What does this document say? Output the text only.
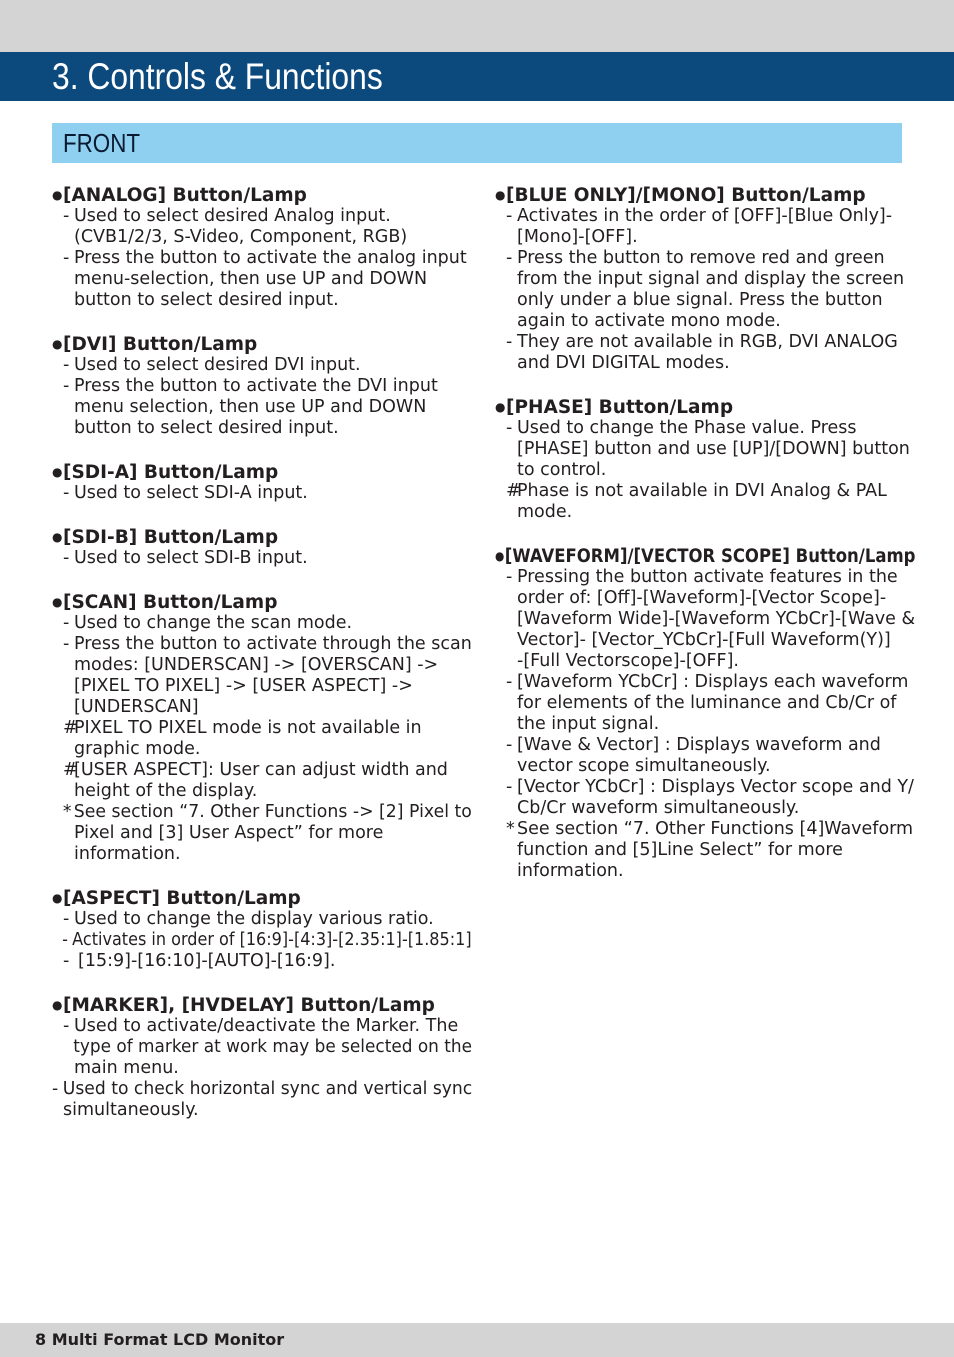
3. Controls & Functions
FRONT
● [ANALOG] Button/Lamp
- Used to select desired Analog input.
(CVB1/2/3, S-Video, Component, RGB)
- Press the button to activate the analog input
menu-selection, then use UP and DOWN
button to select desired input.
● [DVI] Button/Lamp
- Used to select desired DVI input.
- Press the button to activate the DVI input
menu selection, then use UP and DOWN
button to select desired input.
● [SDI-A] Button/Lamp
- Used to select SDI-A input.
● [SDI-B] Button/Lamp
- Used to select SDI-B input.
● [SCAN] Button/Lamp
- Used to change the scan mode.
- Press the button to activate through the scan
modes: [UNDERSCAN] -> [OVERSCAN] ->
[PIXEL TO PIXEL] -> [USER ASPECT] ->
[UNDERSCAN]
#
PIXEL TO PIXEL mode is not available in
graphic mode.
#
[USER ASPECT]: User can adjust width and
height of the display.
* See section “7. Other Functions -> [2] Pixel to
Pixel and [3] User Aspect” for more
information.
● [ASPECT] Button/Lamp
- Used to change the display various ratio.
- Activates in order of [16:9]-[4:3]-[2.35:1]-[1.85:1]
- [15:9]-[16:10]-[AUTO]-[16:9].
● [MARKER], [HVDELAY] Button/Lamp
- Used to activate/deactivate the Marker. The
type of marker at work may be selected on the
main menu.
- Used to check horizontal sync and vertical sync
simultaneously.
● [BLUE ONLY]/[MONO] Button/Lamp
- Activates in the order of [OFF]-[Blue Only]-
[Mono]-[OFF].
- Press the button to remove red and green
from the input signal and display the screen
only under a blue signal. Press the button
again to activate mono mode.
- They are not available in RGB, DVI ANALOG
and DVI DIGITAL modes.
● [PHASE] Button/Lamp
- Used to change the Phase value. Press
[PHASE] button and use [UP]/[DOWN] button
to control.
#
Phase is not available in DVI Analog & PAL
mode.
● [WAVEFORM]/[VECTOR SCOPE] Button/Lamp
- Pressing the button activate features in the
order of: [Off]-[Waveform]-[Vector Scope]-
[Waveform Wide]-[Waveform YCbCr]-[Wave &
Vector]- [Vector_YCbCr]-[Full Waveform(Y)]
-[Full Vectorscope]-[OFF].
- [Waveform YCbCr] : Displays each waveform
for elements of the luminance and Cb/Cr of
the input signal.
- [Wave & Vector] : Displays waveform and
vector scope simultaneously.
- [Vector YCbCr] : Displays Vector scope and Y/
Cb/Cr waveform simultaneously.
* See section “7. Other Functions [4]Waveform
function and [5]Line Select” for more
information.
8 Multi Format LCD Monitor
